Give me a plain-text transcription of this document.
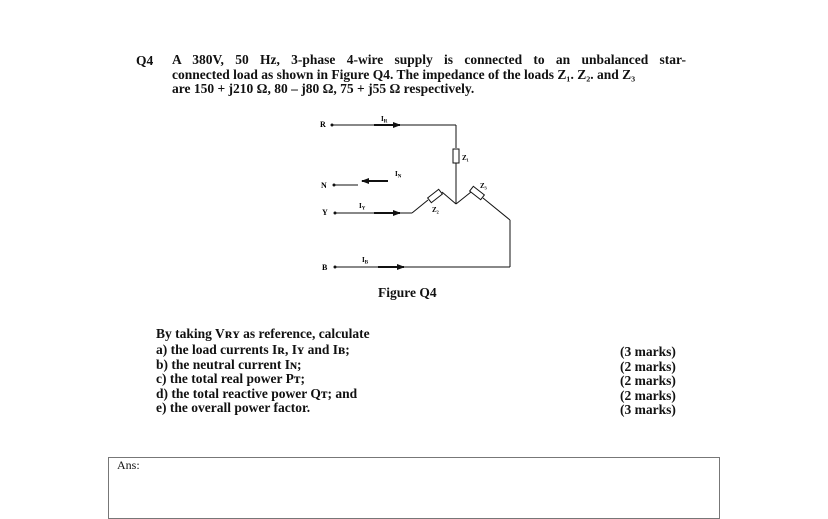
Q4 A 380V, 50 Hz, 3-phase 4-wire supply is connected to an unbalanced star-
connected load as shown in Figure Q4. The impedance of the loads Z₁. Z₂. and Z₃
are 150 + j210 Ω, 80 – j80 Ω, 75 + j55 Ω respectively.
R
$I_R$
Z₁
N
$I_N$
Y
$I_Y$	Z₂
Z₃
B
$I_B$
Figure Q4
By taking Vʀʏ as reference, calculate
a) the load currents Iʀ, Iʏ and Iʙ;
b) the neutral current Iɴ;
c) the total real power Pᴛ;
d) the total reactive power Qᴛ; and
e) the overall power factor.
(3 marks)
(2 marks)
(2 marks)
(2 marks)
(3 marks)
Ans:
